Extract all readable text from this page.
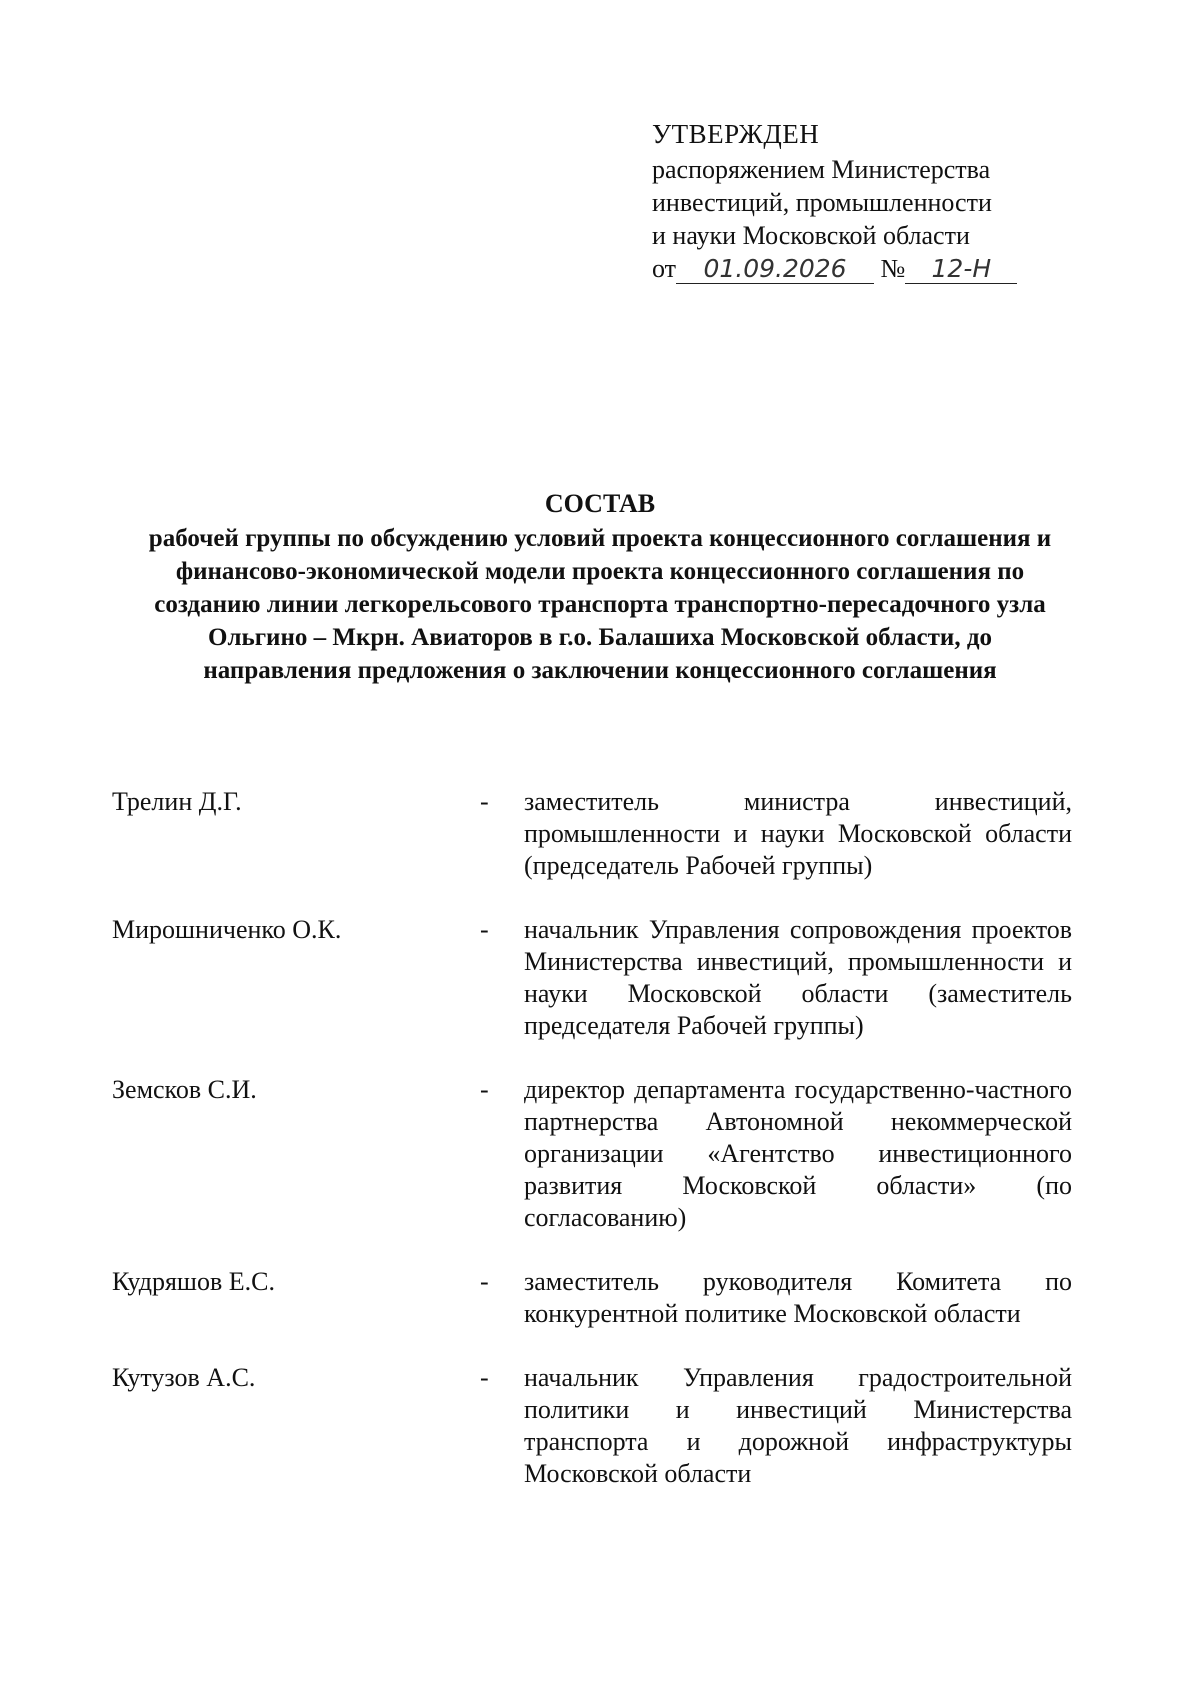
УТВЕРЖДЕН
распоряжением Министерства
инвестиций, промышленности
и науки Московской области
от 01.09.2026 № 12-Н
СОСТАВ
рабочей группы по обсуждению условий проекта концессионного соглашения и финансово-экономической модели проекта концессионного соглашения по созданию линии легкорельсового транспорта транспортно-пересадочного узла Ольгино – Мкрн. Авиаторов в г.о. Балашиха Московской области, до направления предложения о заключении концессионного соглашения
Трелин Д.Г.	-	заместитель министра инвестиций, промышленности и науки Московской области (председатель Рабочей группы)
Мирошниченко О.К.	-	начальник Управления сопровождения проектов Министерства инвестиций, промышленности и науки Московской области (заместитель председателя Рабочей группы)
Земсков С.И.	-	директор департамента государственно-частного партнерства Автономной некоммерческой организации «Агентство инвестиционного развития Московской области» (по согласованию)
Кудряшов Е.С.	-	заместитель руководителя Комитета по конкурентной политике Московской области
Кутузов А.С.	-	начальник Управления градостроительной политики и инвестиций Министерства транспорта и дорожной инфраструктуры Московской области
